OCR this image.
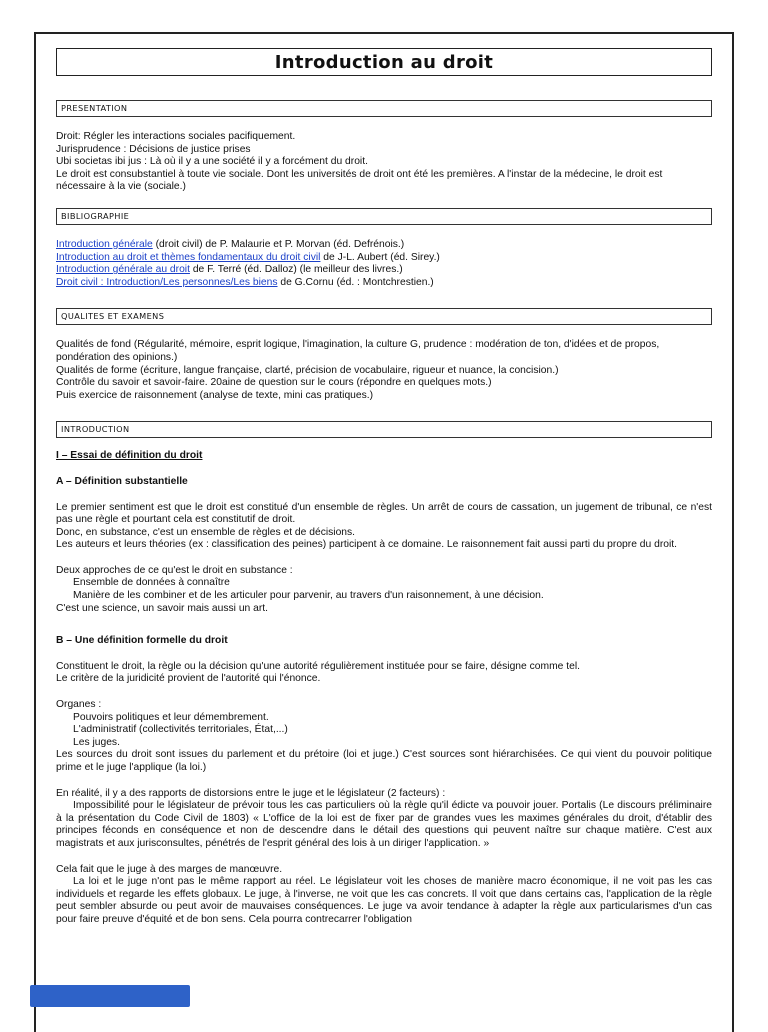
Introduction au droit
PRESENTATION

Droit: Régler les interactions sociales pacifiquement.

Jurisprudence : Décisions de justice prises

Ubi societas ibi jus : Là où il y a une société il y a forcément du droit.

Le droit est consubstantiel à toute vie sociale. Dont les universités de droit ont été les premières. A l'instar de la médecine, le droit est nécessaire à la vie (sociale.)

BIBLIOGRAPHIE

Introduction générale (droit civil) de P. Malaurie et P. Morvan (éd. Defrénois.)

Introduction au droit et thèmes fondamentaux du droit civil de J-L. Aubert (éd. Sirey.)

Introduction générale au droit de F. Terré (éd. Dalloz) (le meilleur des livres.)

Droit civil : Introduction/Les personnes/Les biens de G.Cornu (éd. : Montchrestien.)

QUALITES ET EXAMENS

Qualités de fond (Régularité, mémoire, esprit logique, l'imagination, la culture G, prudence : modération de ton, d'idées et de propos, pondération des opinions.)

Qualités de forme (écriture, langue française, clarté, précision de vocabulaire, rigueur et nuance, la concision.)

Contrôle du savoir et savoir-faire. 20aine de question sur le cours (répondre en quelques mots.)

Puis exercice de raisonnement (analyse de texte, mini cas pratiques.)

INTRODUCTION

I – Essai de définition du droit

A – Définition substantielle

Le premier sentiment est que le droit est constitué d'un ensemble de règles. Un arrêt de cours de cassation, un jugement de tribunal, ce n'est pas une règle et pourtant cela est constitutif de droit.

Donc, en substance, c'est un ensemble de règles et de décisions.

Les auteurs et leurs théories (ex : classification des peines) participent à ce domaine. Le raisonnement fait aussi parti du propre du droit.

Deux approches de ce qu'est le droit en substance :

Ensemble de données à connaître

Manière de les combiner et de les articuler pour parvenir, au travers d'un raisonnement, à une décision.

C'est une science, un savoir mais aussi un art.

B – Une définition formelle du droit

Constituent le droit, la règle ou la décision qu'une autorité régulièrement instituée pour se faire, désigne comme tel.

Le critère de la juridicité provient de l'autorité qui l'énonce.

Organes :

Pouvoirs politiques et leur démembrement.

L'administratif (collectivités territoriales, État,...)

Les juges.

Les sources du droit sont issues du parlement et du prétoire (loi et juge.) C'est sources sont hiérarchisées. Ce qui vient du pouvoir politique prime et le juge l'applique (la loi.)

En réalité, il y a des rapports de distorsions entre le juge et le législateur (2 facteurs) :

Impossibilité pour le législateur de prévoir tous les cas particuliers où la règle qu'il édicte va pouvoir jouer. Portalis (Le discours préliminaire à la présentation du Code Civil de 1803) « L'office de la loi est de fixer par de grandes vues les maximes générales du droit, d'établir des principes féconds en conséquence et non de descendre dans le détail des questions qui peuvent naître sur chaque matière. C'est aux magistrats et aux jurisconsultes, pénétrés de l'esprit général des lois à un diriger l'application. »

Cela fait que le juge à des marges de manœuvre.

La loi et le juge n'ont pas le même rapport au réel. Le législateur voit les choses de manière macro économique, il ne voit pas les cas individuels et regarde les effets globaux. Le juge, à l'inverse, ne voit que les cas concrets. Il voit que dans certains cas, l'application de la règle peut sembler absurde ou peut avoir de mauvaises conséquences. Le juge va avoir tendance à adapter la règle aux particularismes d'un cas pour faire preuve d'équité et de bon sens. Cela pourra contrecarrer l'obligation
